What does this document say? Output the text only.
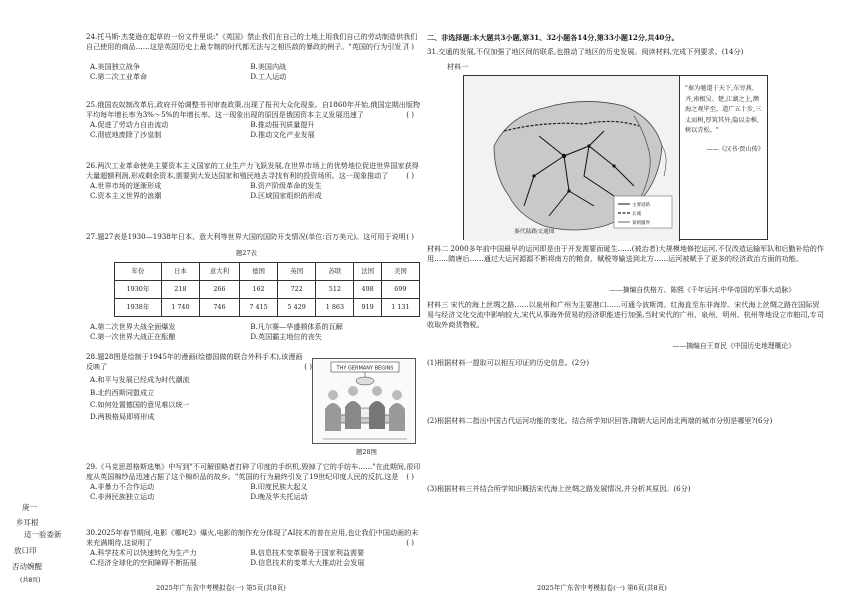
24.托马斯·杰斐逊在起草的一份文件里说:"《英国》禁止我们在自己的土地上用我们自己的劳动制造供我们自己使用的商品……这是英国历史上最专制的时代都无法与之相匹敌的暴政的例子。"英国的行为引发了
( )
A.美国独立战争	B.美国内战
C.第二次工业革命	D.工人运动
25.俄国农奴制改革后,政府开始调整书刊审查政策,出现了报刊大众化现象。自1860年开始,俄国定期出版物平均每年增长率为3%～5%的年增长率。这一现象出现的原因是俄国资本主义发展迅速了	( )
A.促进了劳动力自由流动	B.推动报刊质量提升
C.彻底地废除了沙皇制	D.推动文化产业发展
26.两次工业革命使美主要资本主义国家的工业生产力飞跃发展,在世界市场上的优势地位促进世界国家获得大量超额利润,形成剩余资本,需要到大发达国家和殖民地去寻找有利的投资场所。这一现象推动了	( )
A.世界市场的逐渐形成	B.资产阶级革命的发生
C.资本主义世界的浪潮	D.区域国家组织的形成
27.题27表是1930—1938年日本、意大利等世界大国的国防开支情况(单位:百万美元)。这可用于说明 ( )
题27表
年份	日本	意大利	德国	英国	苏联	法国	美国
1930年	218	266	162	722	512	498	699
1938年	1 740	746	7 415	5 429	1 863	919	1 131
A.第二次世界大战全面爆发	B.凡尔赛—华盛顿体系的瓦解
C.第一次世界大战正在酝酿	D.英国霸主地位的丧失
28.题28图是绘制于1945年的漫画(绘德国做的联合外科手术),该漫画反映了	( )
A.和平与发展已经成为时代潮流
B.北约西斯同盟成立
C.如何处置德国的意见难以统一
D.两极格局即将形成
THY GERMANY BEGINS
题28图
29.《马克思恩格斯选集》中写到"不可解很略者打碎了印度的手织机,毁掉了它的手纺车……"在此期间,很印度从英国棉纱品迅速占据了这个棉织品的故乡。"英国的行为最终引发了19世纪印度人民的反抗,这是	( )
A.非暴力不合作运动	B.印度民族大起义
C.非洲民族独立运动	D.晚及华夫托运动
30.2025年春节期间,电影《哪吒2》爆火,电影的制作充分体现了AI技术的普在应用,也让我们中国动画的未来充满期待,这说明了	( )
A.科学技术可以快速转化为生产力	B.信息技术变革服务于国家利益需要
C.经济全球化的空间障碍不断拓展	D.信息技术的变革大大推动社会发展
2025年广东省中考模拟卷(一) 第5页(共8页)
庚一
乡耳根
這一验委新
放口印
否动婉醒
(共8页)
二、非选择题:本大题共3小题,第31、32小题各14分,第33小题12分,共40分。
31.交通的发展,不仅加强了地区间的联系,也推动了地区的历史发展。阅读材料,完成下列要求。(14分)
材料一
主要道路
长城
秦朝疆界
秦代陆路交通图
"秦为驰道于天下,东穷燕、齐,南极吴、楚,江湖之上,濒海之观毕至。道广五十步,三丈而树,厚筑其外,隐以金椎,树以青松。"
——《汉书·贾山传》
材料二 2000多年前中国最早的运河即是由于开发需要而诞生……(被治者)大规模地修挖运河,不仅改造运输军队和后勤补给的作用……隋唐后……通过大运河源源不断将南方的粮食、赋税等输送到北方……运河被赋予了更多的经济政治方面的功能。
——摘编自佚格方、陈熙《千年运河:中华帝国的军事大动脉》
材料三 宋代的海上丝绸之路……以泉州和广州为主要港口……可通今波斯湾、红海直至东非海岸。宋代海上丝绸之路在国际贸易与经济文化交流中影响较大,宋代从事海外贸易的经济职能进行加强,当时宋代的广州、泉州、明州、杭州等地设立市舶司,专司收取外商货物税。
——摘编自王育民《中国历史地理概论》
(1)根据材料一提取可以相互印证的历史信息。(2分)
(2)根据材料二指出中国古代运河功能的变化。结合所学知识回答,隋朝大运河南北两端的城市分别是哪里?(6分)
(3)根据材料三并结合所学知识概括宋代海上丝绸之路发展情况,并分析其原因。(6分)
2025年广东省中考模拟卷(一) 第6页(共8页)
